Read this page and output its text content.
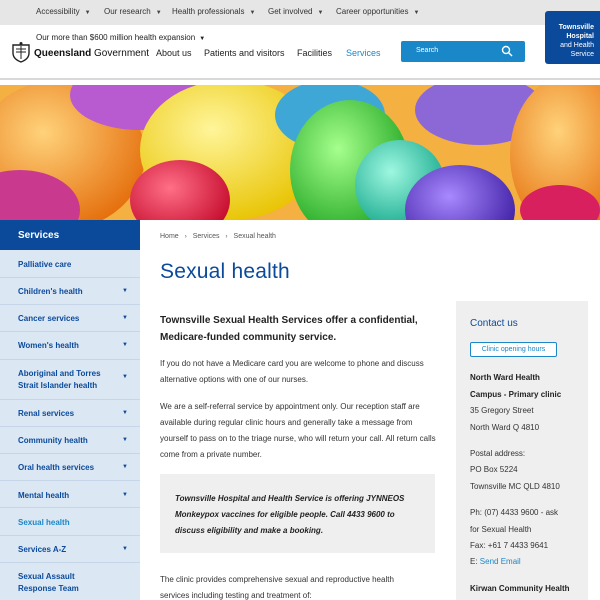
Accessibility ▼ Our research ▼ Health professionals ▼ Get involved ▼ Career opportunities ▼
Our more than $600 million health expansion ▼
Queensland Government About us Patients and visitors Facilities Services	Search
Townsville Hospital
and Health Service
Services
Palliative care
Children's health	▼
Cancer services	▼
Women's health	▼
Aboriginal and Torres Strait Islander health
▼
Renal services	▼
Community health	▼
Oral health services	▼
Mental health	▼
Sexual health
Services A-Z	▼
Sexual Assault Response Team
Home › Services › Sexual health
Sexual health

Townsville Sexual Health Services offer a confidential, Medicare-funded community service.

If you do not have a Medicare card you are welcome to phone and discuss alternative options with one of our nurses.

We are a self-referral service by appointment only. Our reception staff are available during regular clinic hours and generally take a message from yourself to pass on to the triage nurse, who will return your call. All return calls come from a private number.

Townsville Hospital and Health Service is offering JYNNEOS Monkeypox vaccines for eligible people. Call 4433 9600 to discuss eligibility and make a booking.

The clinic provides comprehensive sexual and reproductive health services including testing and treatment of:

Contact us
Clinic opening hours
North Ward Health
Campus - Primary clinic
35 Gregory Street
North Ward Q 4810
Postal address:
PO Box 5224
Townsville MC QLD 4810
Ph: (07) 4433 9600 - ask
for Sexual Health
Fax: +61 7 4433 9641
E: Send Email
Kirwan Community Health
